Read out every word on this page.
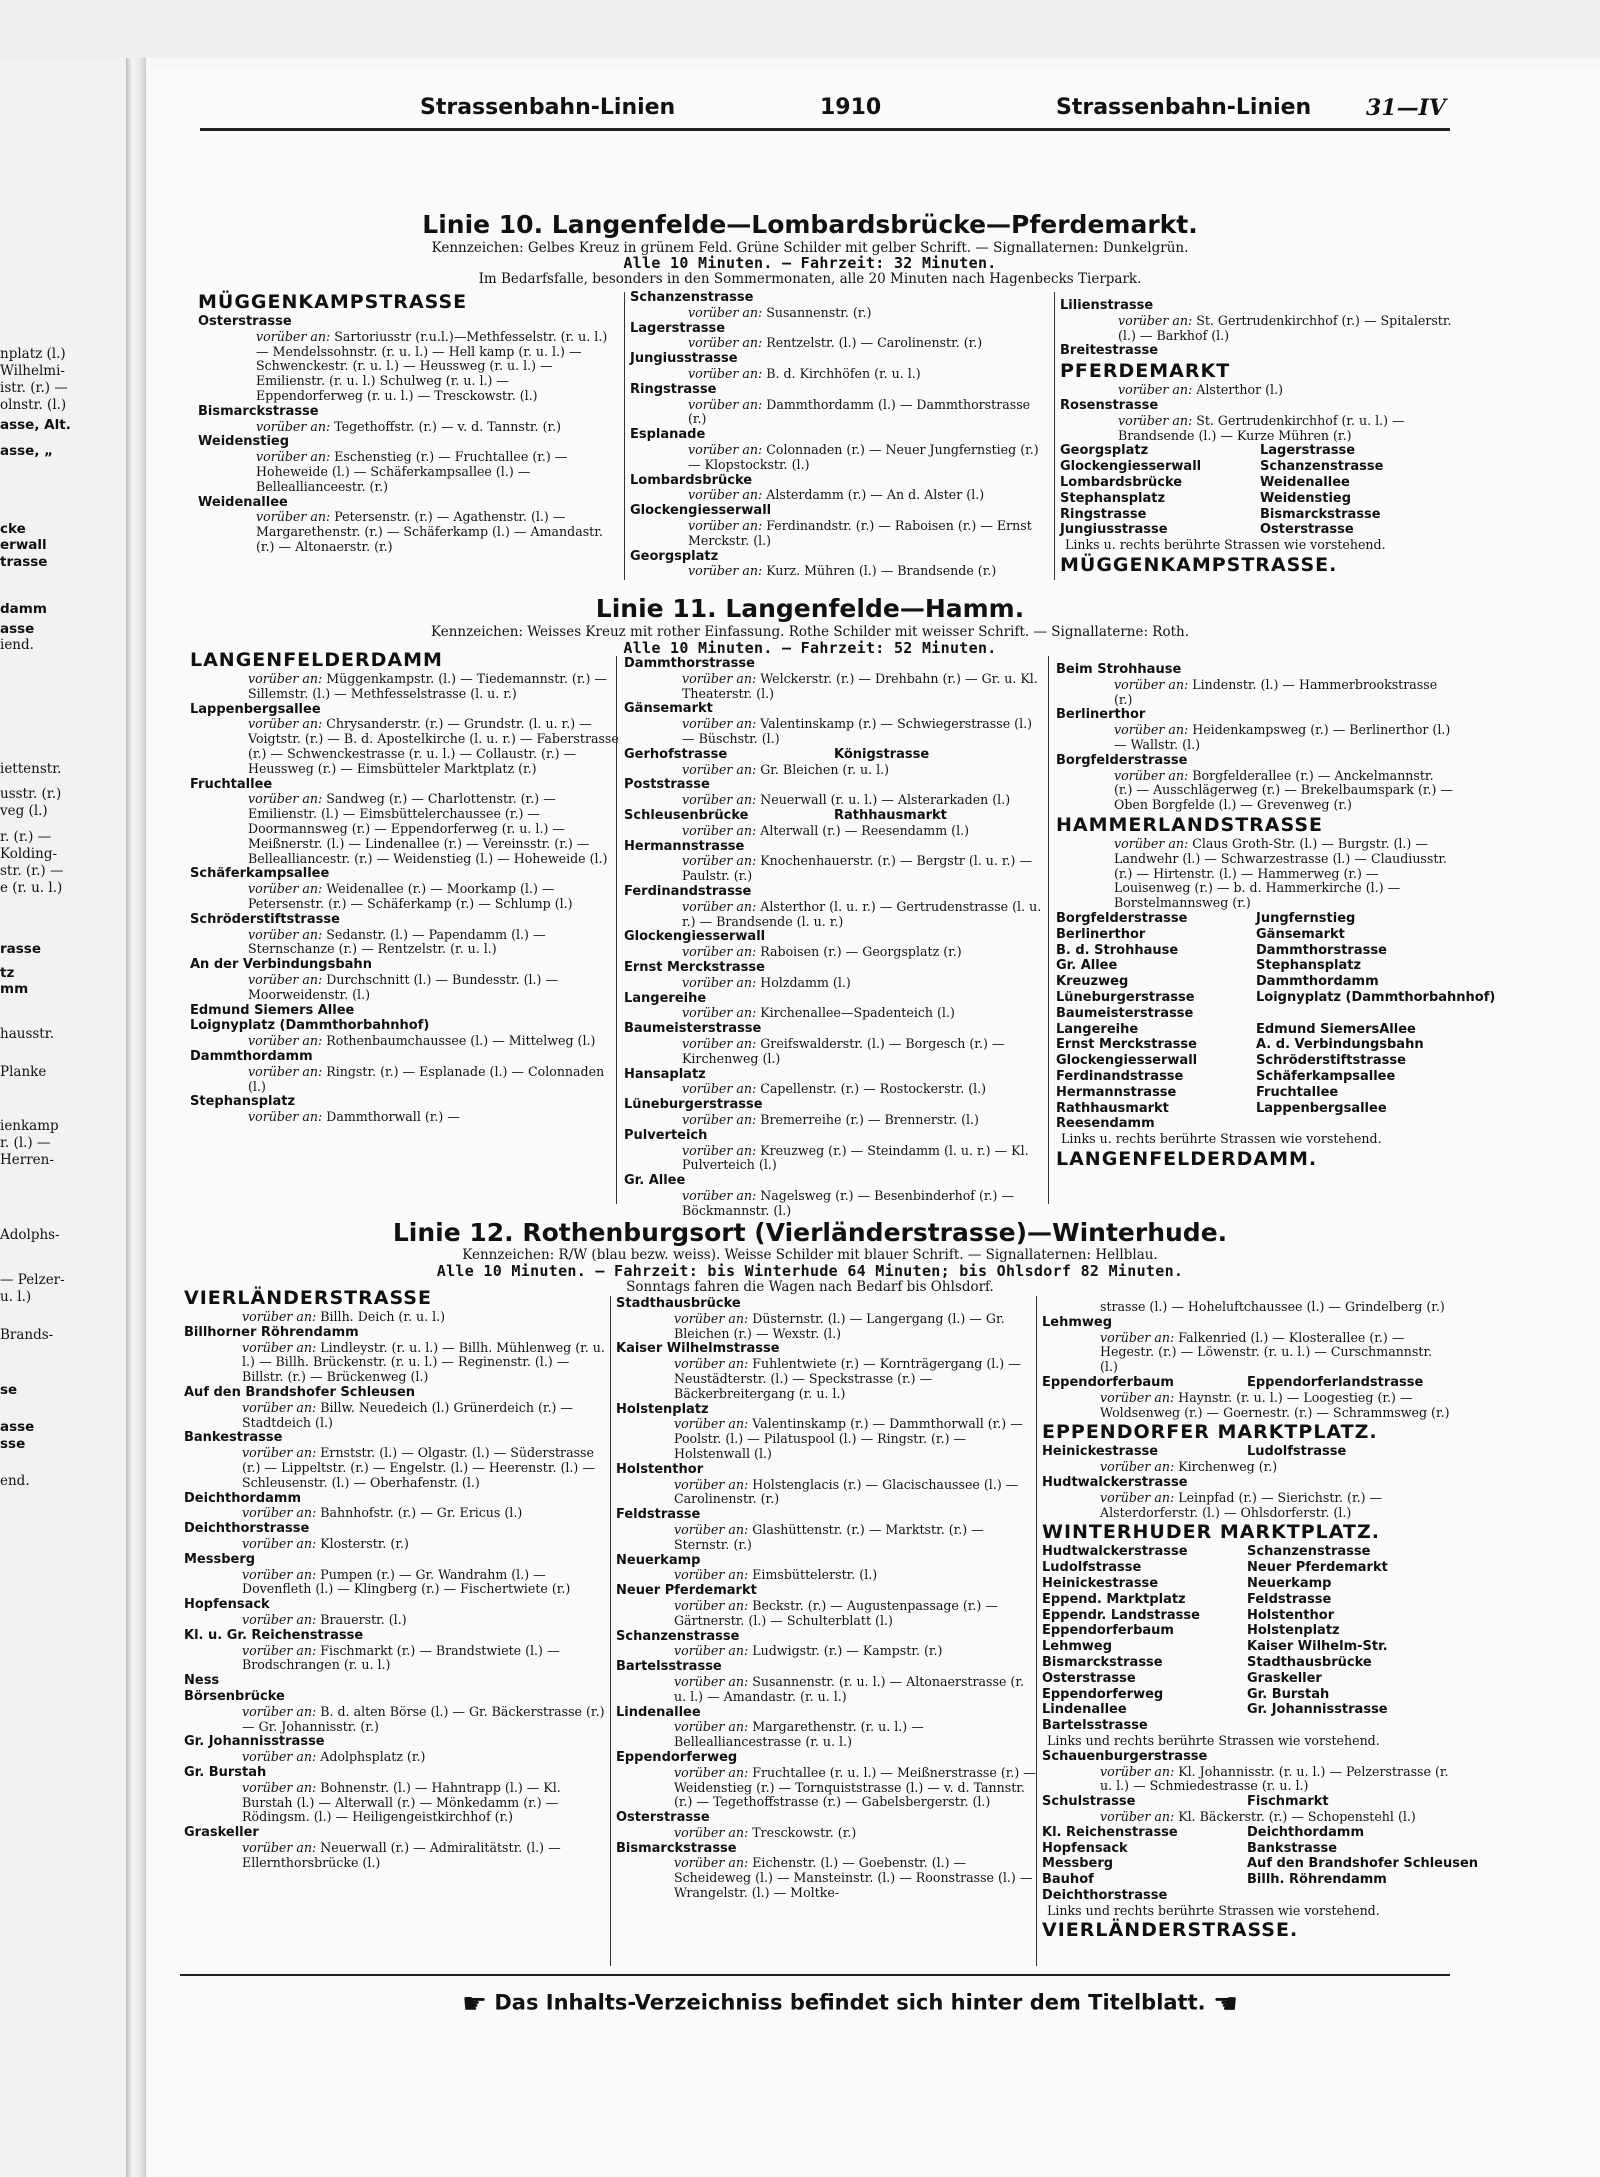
nplatz (l.)
Wilhelmi-
istr. (r.) —
olnstr. (l.)
asse, Alt.
asse, „
cke
erwall
trasse
damm
asse
iend.
iettenstr.
usstr. (r.)
veg (l.)
r. (r.) —
Kolding-
str. (r.) —
e (r. u. l.)
rasse
tz
mm
hausstr.
Planke
ienkamp
r. (l.) —
Herren-
Adolphs-
— Pelzer-
u. l.)
Brands-
se
asse
sse
end.
Strassenbahn-Linien	1910	Strassenbahn-Linien 31—IV
Linie 10. Langenfelde—Lombardsbrücke—Pferdemarkt.
Kennzeichen: Gelbes Kreuz in grünem Feld. Grüne Schilder mit gelber Schrift. — Signallaternen: Dunkelgrün.
Alle 10 Minuten. — Fahrzeit: 32 Minuten.
Im Bedarfsfalle, besonders in den Sommermonaten, alle 20 Minuten nach Hagenbecks Tierpark.
MÜGGENKAMPSTRASSE
Osterstrasse
vorüber an: Sartoriusstr (r.u.l.)—Methfesselstr. (r. u. l.) — Mendelssohnstr. (r. u. l.) — Hell kamp (r. u. l.) — Schwenckestr. (r. u. l.) — Heussweg (r. u. l.) — Emilienstr. (r. u. l.) Schulweg (r. u. l.) — Eppendorferweg (r. u. l.) — Tresckowstr. (l.)
Bismarckstrasse
vorüber an: Tegethoffstr. (r.) — v. d. Tannstr. (r.)
Weidenstieg
vorüber an: Eschenstieg (r.) — Fruchtallee (r.) — Hoheweide (l.) — Schäferkampsallee (l.) — Belleallianceestr. (r.)
Weidenallee
vorüber an: Petersenstr. (r.) — Agathenstr. (l.) — Margarethenstr. (r.) — Schäferkamp (l.) — Amandastr. (r.) — Altonaerstr. (r.)
Schanzenstrasse
vorüber an: Susannenstr. (r.)
Lagerstrasse
vorüber an: Rentzelstr. (l.) — Carolinenstr. (r.)
Jungiusstrasse
vorüber an: B. d. Kirchhöfen (r. u. l.)
Ringstrasse
vorüber an: Dammthordamm (l.) — Dammthorstrasse (r.)
Esplanade
vorüber an: Colonnaden (r.) — Neuer Jungfernstieg (r.) — Klopstockstr. (l.)
Lombardsbrücke
vorüber an: Alsterdamm (r.) — An d. Alster (l.)
Glockengiesserwall
vorüber an: Ferdinandstr. (r.) — Raboisen (r.) — Ernst Merckstr. (l.)
Georgsplatz
vorüber an: Kurz. Mühren (l.) — Brandsende (r.)
Lilienstrasse
vorüber an: St. Gertrudenkirchhof (r.) — Spitalerstr. (l.) — Barkhof (l.)
Breitestrasse
PFERDEMARKT
vorüber an: Alsterthor (l.)
Rosenstrasse
vorüber an: St. Gertrudenkirchhof (r. u. l.) — Brandsende (l.) — Kurze Mühren (r.)
Georgsplatz	Lagerstrasse
Glockengiesserwall	Schanzenstrasse
Lombardsbrücke	Weidenallee
Stephansplatz	Weidenstieg
Ringstrasse	Bismarckstrasse
Jungiusstrasse	Osterstrasse
Links u. rechts berührte Strassen wie vorstehend.
MÜGGENKAMPSTRASSE.
Linie 11. Langenfelde—Hamm.
Kennzeichen: Weisses Kreuz mit rother Einfassung. Rothe Schilder mit weisser Schrift. — Signallaterne: Roth.
Alle 10 Minuten. — Fahrzeit: 52 Minuten.
LANGENFELDERDAMM
vorüber an: Müggenkampstr. (l.) — Tiedemannstr. (r.) — Sillemstr. (l.) — Methfesselstrasse (l. u. r.)
Lappenbergsallee
vorüber an: Chrysanderstr. (r.) — Grundstr. (l. u. r.) — Voigtstr. (r.) — B. d. Apostelkirche (l. u. r.) — Faberstrasse (r.) — Schwenckestrasse (r. u. l.) — Collaustr. (r.) — Heussweg (r.) — Eimsbütteler Marktplatz (r.)
Fruchtallee
vorüber an: Sandweg (r.) — Charlottenstr. (r.) — Emilienstr. (l.) — Eimsbüttelerchaussee (r.) — Doormannsweg (r.) — Eppendorferweg (r. u. l.) — Meißnerstr. (l.) — Lindenallee (r.) — Vereinsstr. (r.) — Bellealliancestr. (r.) — Weidenstieg (l.) — Hoheweide (l.)
Schäferkampsallee
vorüber an: Weidenallee (r.) — Moorkamp (l.) — Petersenstr. (r.) — Schäferkamp (r.) — Schlump (l.)
Schröderstiftstrasse
vorüber an: Sedanstr. (l.) — Papendamm (l.) — Sternschanze (r.) — Rentzelstr. (r. u. l.)
An der Verbindungsbahn
vorüber an: Durchschnitt (l.) — Bundesstr. (l.) — Moorweidenstr. (l.)
Edmund Siemers Allee
Loignyplatz (Dammthorbahnhof)
vorüber an: Rothenbaumchaussee (l.) — Mittelweg (l.)
Dammthordamm
vorüber an: Ringstr. (r.) — Esplanade (l.) — Colonnaden (l.)
Stephansplatz
vorüber an: Dammthorwall (r.) —
Dammthorstrasse
vorüber an: Welckerstr. (r.) — Drehbahn (r.) — Gr. u. Kl. Theaterstr. (l.)
Gänsemarkt
vorüber an: Valentinskamp (r.) — Schwiegerstrasse (l.) — Büschstr. (l.)
Gerhofstrasse	Königstrasse
vorüber an: Gr. Bleichen (r. u. l.)
Poststrasse
vorüber an: Neuerwall (r. u. l.) — Alsterarkaden (l.)
Schleusenbrücke	Rathhausmarkt
vorüber an: Alterwall (r.) — Reesendamm (l.)
Hermannstrasse
vorüber an: Knochenhauerstr. (r.) — Bergstr (l. u. r.) — Paulstr. (r.)
Ferdinandstrasse
vorüber an: Alsterthor (l. u. r.) — Gertrudenstrasse (l. u. r.) — Brandsende (l. u. r.)
Glockengiesserwall
vorüber an: Raboisen (r.) — Georgsplatz (r.)
Ernst Merckstrasse
vorüber an: Holzdamm (l.)
Langereihe
vorüber an: Kirchenallee—Spadenteich (l.)
Baumeisterstrasse
vorüber an: Greifswalderstr. (l.) — Borgesch (r.) — Kirchenweg (l.)
Hansaplatz
vorüber an: Capellenstr. (r.) — Rostockerstr. (l.)
Lüneburgerstrasse
vorüber an: Bremerreihe (r.) — Brennerstr. (l.)
Pulverteich
vorüber an: Kreuzweg (r.) — Steindamm (l. u. r.) — Kl. Pulverteich (l.)
Gr. Allee
vorüber an: Nagelsweg (r.) — Besenbinderhof (r.) — Böckmannstr. (l.)
Beim Strohhause
vorüber an: Lindenstr. (l.) — Hammerbrookstrasse (r.)
Berlinerthor
vorüber an: Heidenkampsweg (r.) — Berlinerthor (l.) — Wallstr. (l.)
Borgfelderstrasse
vorüber an: Borgfelderallee (r.) — Anckelmannstr. (r.) — Ausschlägerweg (r.) — Brekelbaumspark (r.) — Oben Borgfelde (l.) — Grevenweg (r.)
HAMMERLANDSTRASSE
vorüber an: Claus Groth-Str. (l.) — Burgstr. (l.) — Landwehr (l.) — Schwarzestrasse (l.) — Claudiusstr. (r.) — Hirtenstr. (l.) — Hammerweg (r.) — Louisenweg (r.) — b. d. Hammerkirche (l.) — Borstelmannsweg (r.)
Borgfelderstrasse	Jungfernstieg
Berlinerthor	Gänsemarkt
B. d. Strohhause	Dammthorstrasse
Gr. Allee	Stephansplatz
Kreuzweg	Dammthordamm
Lüneburgerstrasse	Loignyplatz (Dammthorbahnhof)
Baumeisterstrasse
Langereihe	Edmund SiemersAllee
Ernst Merckstrasse	A. d. Verbindungsbahn
Glockengiesserwall	Schröderstiftstrasse
Ferdinandstrasse	Schäferkampsallee
Hermannstrasse	Fruchtallee
Rathhausmarkt	Lappenbergsallee
Reesendamm
Links u. rechts berührte Strassen wie vorstehend.
LANGENFELDERDAMM.
Linie 12. Rothenburgsort (Vierländerstrasse)—Winterhude.
Kennzeichen: R/W (blau bezw. weiss). Weisse Schilder mit blauer Schrift. — Signallaternen: Hellblau.
Alle 10 Minuten. — Fahrzeit: bis Winterhude 64 Minuten; bis Ohlsdorf 82 Minuten.
Sonntags fahren die Wagen nach Bedarf bis Ohlsdorf.
VIERLÄNDERSTRASSE
vorüber an: Billh. Deich (r. u. l.)
Billhorner Röhrendamm
vorüber an: Lindleystr. (r. u. l.) — Billh. Mühlenweg (r. u. l.) — Billh. Brückenstr. (r. u. l.) — Reginenstr. (l.) — Billstr. (r.) — Brückenweg (l.)
Auf den Brandshofer Schleusen
vorüber an: Billw. Neuedeich (l.) Grünerdeich (r.) — Stadtdeich (l.)
Bankestrasse
vorüber an: Ernststr. (l.) — Olgastr. (l.) — Süderstrasse (r.) — Lippeltstr. (r.) — Engelstr. (l.) — Heerenstr. (l.) — Schleusenstr. (l.) — Oberhafenstr. (l.)
Deichthordamm
vorüber an: Bahnhofstr. (r.) — Gr. Ericus (l.)
Deichthorstrasse
vorüber an: Klosterstr. (r.)
Messberg
vorüber an: Pumpen (r.) — Gr. Wandrahm (l.) — Dovenfleth (l.) — Klingberg (r.) — Fischertwiete (r.)
Hopfensack
vorüber an: Brauerstr. (l.)
Kl. u. Gr. Reichenstrasse
vorüber an: Fischmarkt (r.) — Brandstwiete (l.) — Brodschrangen (r. u. l.)
Ness
Börsenbrücke
vorüber an: B. d. alten Börse (l.) — Gr. Bäckerstrasse (r.) — Gr. Johannisstr. (r.)
Gr. Johannisstrasse
vorüber an: Adolphsplatz (r.)
Gr. Burstah
vorüber an: Bohnenstr. (l.) — Hahntrapp (l.) — Kl. Burstah (l.) — Alterwall (r.) — Mönkedamm (r.) — Rödingsm. (l.) — Heiligengeistkirchhof (r.)
Graskeller
vorüber an: Neuerwall (r.) — Admiralitätstr. (l.) — Ellernthorsbrücke (l.)
Stadthausbrücke
vorüber an: Düsternstr. (l.) — Langergang (l.) — Gr. Bleichen (r.) — Wexstr. (l.)
Kaiser Wilhelmstrasse
vorüber an: Fuhlentwiete (r.) — Kornträgergang (l.) — Neustädterstr. (l.) — Speckstrasse (r.) — Bäckerbreitergang (r. u. l.)
Holstenplatz
vorüber an: Valentinskamp (r.) — Dammthorwall (r.) — Poolstr. (l.) — Pilatuspool (l.) — Ringstr. (r.) — Holstenwall (l.)
Holstenthor
vorüber an: Holstenglacis (r.) — Glacischaussee (l.) — Carolinenstr. (r.)
Feldstrasse
vorüber an: Glashüttenstr. (r.) — Marktstr. (r.) — Sternstr. (r.)
Neuerkamp
vorüber an: Eimsbüttelerstr. (l.)
Neuer Pferdemarkt
vorüber an: Beckstr. (r.) — Augustenpassage (r.) — Gärtnerstr. (l.) — Schulterblatt (l.)
Schanzenstrasse
vorüber an: Ludwigstr. (r.) — Kampstr. (r.)
Bartelsstrasse
vorüber an: Susannenstr. (r. u. l.) — Altonaerstrasse (r. u. l.) — Amandastr. (r. u. l.)
Lindenallee
vorüber an: Margarethenstr. (r. u. l.) — Bellealliancestrasse (r. u. l.)
Eppendorferweg
vorüber an: Fruchtallee (r. u. l.) — Meißnerstrasse (r.) — Weidenstieg (r.) — Tornquiststrasse (l.) — v. d. Tannstr. (r.) — Tegethoffstrasse (r.) — Gabelsbergerstr. (l.)
Osterstrasse
vorüber an: Tresckowstr. (r.)
Bismarckstrasse
vorüber an: Eichenstr. (l.) — Goebenstr. (l.) — Scheideweg (l.) — Mansteinstr. (l.) — Roonstrasse (l.) — Wrangelstr. (l.) — Moltke-
strasse (l.) — Hoheluftchaussee (l.) — Grindelberg (r.)
Lehmweg
vorüber an: Falkenried (l.) — Klosterallee (r.) — Hegestr. (r.) — Löwenstr. (r. u. l.) — Curschmannstr. (l.)
Eppendorferbaum	Eppendorferlandstrasse
vorüber an: Haynstr. (r. u. l.) — Loogestieg (r.) — Woldsenweg (r.) — Goernestr. (r.) — Schrammsweg (r.)
EPPENDORFER MARKTPLATZ.
Heinickestrasse	Ludolfstrasse
vorüber an: Kirchenweg (r.)
Hudtwalckerstrasse
vorüber an: Leinpfad (r.) — Sierichstr. (r.) — Alsterdorferstr. (l.) — Ohlsdorferstr. (l.)
WINTERHUDER MARKTPLATZ.
Hudtwalckerstrasse	Schanzenstrasse
Ludolfstrasse	Neuer Pferdemarkt
Heinickestrasse	Neuerkamp
Eppend. Marktplatz	Feldstrasse
Eppendr. Landstrasse	Holstenthor
Eppendorferbaum	Holstenplatz
Lehmweg	Kaiser Wilhelm-Str.
Bismarckstrasse	Stadthausbrücke
Osterstrasse	Graskeller
Eppendorferweg	Gr. Burstah
Lindenallee	Gr. Johannisstrasse
Bartelsstrasse
Links und rechts berührte Strassen wie vorstehend.
Schauenburgerstrasse
vorüber an: Kl. Johannisstr. (r. u. l.) — Pelzerstrasse (r. u. l.) — Schmiedestrasse (r. u. l.)
Schulstrasse	Fischmarkt
vorüber an: Kl. Bäckerstr. (r.) — Schopenstehl (l.)
Kl. Reichenstrasse	Deichthordamm
Hopfensack	Bankstrasse
Messberg	Auf den Brandshofer Schleusen
Bauhof	Billh. Röhrendamm
Deichthorstrasse
Links und rechts berührte Strassen wie vorstehend.
VIERLÄNDERSTRASSE.
☛ Das Inhalts-Verzeichniss befindet sich hinter dem Titelblatt. ☚
